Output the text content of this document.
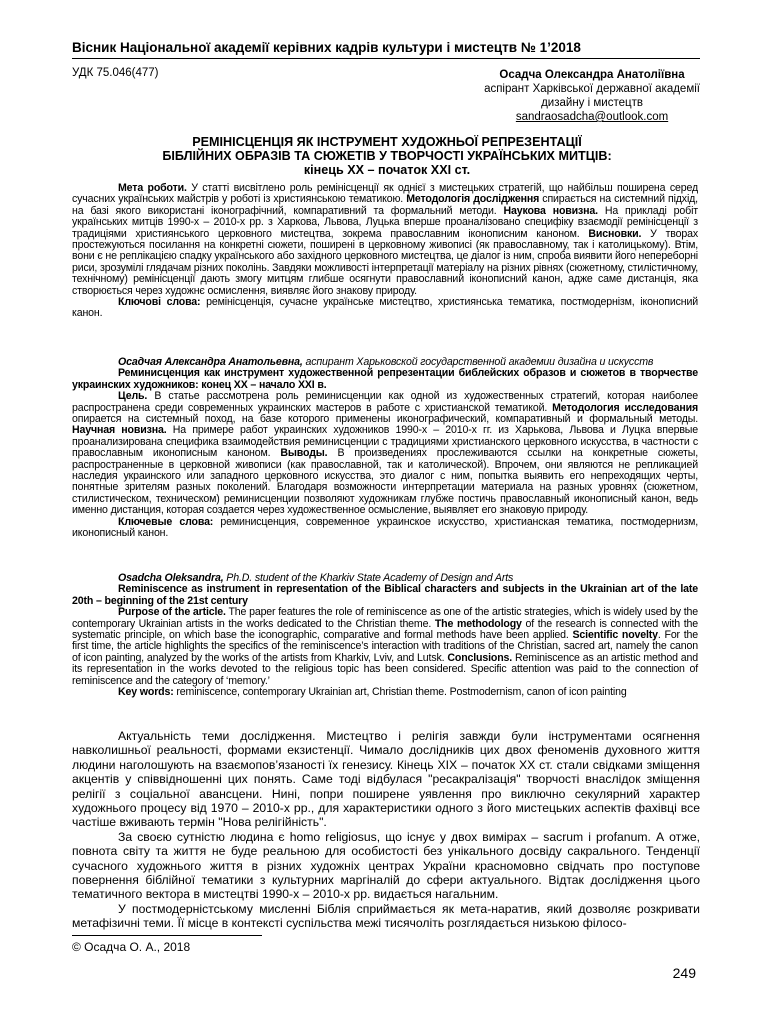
Вісник Національної академії керівних кадрів культури і мистецтв № 1’2018
УДК 75.046(477)	Осадча Олександра Анатоліївна
аспірант Харківської державної академії
дизайну і мистецтв
sandraosadcha@outlook.com
РЕМІНІСЦЕНЦІЯ ЯК ІНСТРУМЕНТ ХУДОЖНЬОЇ РЕПРЕЗЕНТАЦІЇ
БІБЛІЙНИХ ОБРАЗІВ ТА СЮЖЕТІВ У ТВОРЧОСТІ УКРАЇНСЬКИХ МИТЦІВ:
кінець ХХ – початок ХХІ ст.

Мета роботи. У статті висвітлено роль ремінісценції як однієї з мистецьких стратегій, що найбільш поширена серед сучасних українських майстрів у роботі із християнською тематикою. Методологія дослідження спирається на системний підхід, на базі якого використані іконографічний, компаративний та формальний методи. Наукова новизна. На прикладі робіт українських митців 1990-х – 2010-х рр. з Харкова, Львова, Луцька вперше проаналізовано специфіку взаємодії ремінісценції з традиціями християнського церковного мистецтва, зокрема православним іконописним каноном. Висновки. У творах простежуються посилання на конкретні сюжети, поширені в церковному живописі (як православному, так і католицькому). Втім, вони є не реплікацією спадку українського або західного церковного мистецтва, це діалог із ним, спроба виявити його непереборні риси, зрозумілі глядачам різних поколінь. Завдяки можливості інтерпретації матеріалу на різних рівнях (сюжетному, стилістичному, технічному) ремінісценції дають змогу митцям глибше осягнути православний іконописний канон, адже саме дистанція, яка створюється через художнє осмислення, виявляє його знакову природу.

Ключові слова: ремінісценція, сучасне українське мистецтво, християнська тематика, постмодернізм, іконописний канон.

Осадчая Александра Анатольевна, аспирант Харьковской государственной академии дизайна и искусств

Реминисценция как инструмент художественной репрезентации библейских образов и сюжетов в творчестве украинских художников: конец ХХ – начало ХХІ в.

Цель. В статье рассмотрена роль реминисценции как одной из художественных стратегий, которая наиболее распространена среди современных украинских мастеров в работе с христианской тематикой. Методология исследования опирается на системный поход, на базе которого применены иконографический, компаративный и формальный методы. Научная новизна. На примере работ украинских художников 1990-х – 2010-х гг. из Харькова, Львова и Луцка впервые проанализирована специфика взаимодействия реминисценции с традициями христианского церковного искусства, в частности с православным иконописным каноном. Выводы. В произведениях прослеживаются ссылки на конкретные сюжеты, распространенные в церковной живописи (как православной, так и католической). Впрочем, они являются не репликацией наследия украинского или западного церковного искусства, это диалог с ним, попытка выявить его непреходящих черты, понятные зрителям разных поколений. Благодаря возможности интерпретации материала на разных уровнях (сюжетном, стилистическом, техническом) реминисценции позволяют художникам глубже постичь православный иконописный канон, ведь именно дистанция, которая создается через художественное осмысление, выявляет его знаковую природу.

Ключевые слова: реминисценция, современное украинское искусство, христианская тематика, постмодернизм, иконописный канон.

Osadcha Oleksandra, Ph.D. student of the Kharkiv State Academy of Design and Arts

Reminiscence as instrument in representation of the Biblical characters and subjects in the Ukrainian art of the late 20th – beginning of the 21st century

Purpose of the article. The paper features the role of reminiscence as one of the artistic strategies, which is widely used by the contemporary Ukrainian artists in the works dedicated to the Christian theme. The methodology of the research is connected with the systematic principle, on which base the iconographic, comparative and formal methods have been applied. Scientific novelty. For the first time, the article highlights the specifics of the reminiscence’s interaction with traditions of the Christian, sacred art, namely the canon of icon painting, analyzed by the works of the artists from Kharkiv, Lviv, and Lutsk. Conclusions. Reminiscence as an artistic method and its representation in the works devoted to the religious topic has been considered. Specific attention was paid to the connection of reminiscence and the category of ‘memory.’

Key words: reminiscence, contemporary Ukrainian art, Christian theme. Postmodernism, canon of icon painting

Актуальність теми дослідження. Мистецтво і релігія завжди були інструментами осягнення навколишньої реальності, формами екзистенції. Чимало дослідників цих двох феноменів духовного життя людини наголошують на взаємопов’язаності їх генезису. Кінець ХІХ – початок ХХ ст. стали свідками зміщення акцентів у співвідношенні цих понять. Саме тоді відбулася "ресакралізація" творчості внаслідок зміщення релігії з соціальної авансцени. Нині, попри поширене уявлення про виключно секулярний характер художнього процесу від 1970 – 2010-х рр., для характеристики одного з його мистецьких аспектів фахівці все частіше вживають термін "Нова релігійність".

За своєю сутністю людина є homo religiosus, що існує у двох вимірах – sacrum і profanum. А отже, повнота світу та життя не буде реальною для особистості без унікального досвіду сакрального. Тенденції сучасного художнього життя в різних художніх центрах України красномовно свідчать про поступове повернення біблійної тематики з культурних маргіналій до сфери актуального. Відтак дослідження цього тематичного вектора в мистецтві 1990-х – 2010-х рр. видається нагальним.

У постмодерністському мисленні Біблія сприймається як мета-наратив, який дозволяє розкривати метафізичні теми. Її місце в контексті суспільства межі тисячоліть розглядається низькою філосо-

© Осадча О. А., 2018
249
